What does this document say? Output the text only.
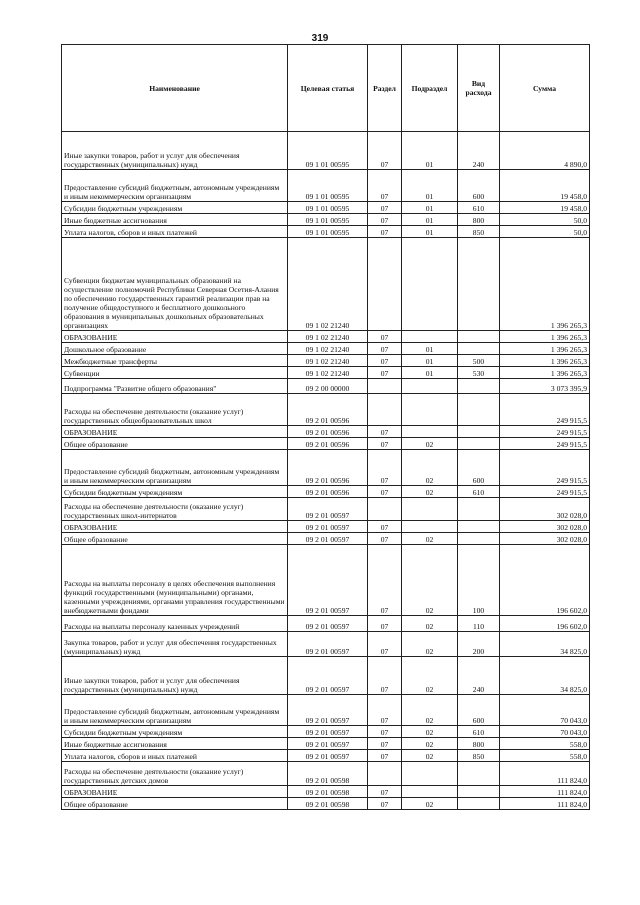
319
Наименование	Целевая статья	Раздел	Подраздел	Вид расхода	Сумма
Иные закупки товаров, работ и услуг для обеспечения государственных (муниципальных) нужд	09 1 01 00595	07	01	240	4 890,0
Предоставление субсидий бюджетным, автономным учреждениям и иным некоммерческим организациям	09 1 01 00595	07	01	600	19 458,0
Субсидии бюджетным учреждениям	09 1 01 00595	07	01	610	19 458,0
Иные бюджетные ассигнования	09 1 01 00595	07	01	800	50,0
Уплата налогов, сборов и иных платежей	09 1 01 00595	07	01	850	50,0
Субвенции бюджетам муниципальных образований на осуществление полномочий Республики Северная Осетия-Алания по обеспечению государственных гарантий реализации прав на получение общедоступного и бесплатного дошкольного образования в муниципальных дошкольных образовательных организациях	09 1 02 21240				1 396 265,3
ОБРАЗОВАНИЕ	09 1 02 21240	07			1 396 265,3
Дошкольное образование	09 1 02 21240	07	01		1 396 265,3
Межбюджетные трансферты	09 1 02 21240	07	01	500	1 396 265,3
Субвенции	09 1 02 21240	07	01	530	1 396 265,3
Подпрограмма "Развитие общего образования"	09 2 00 00000				3 073 395,9
Расходы на обеспечение деятельности (оказание услуг) государственных общеобразовательных школ	09 2 01 00596				249 915,5
ОБРАЗОВАНИЕ	09 2 01 00596	07			249 915,5
Общее образование	09 2 01 00596	07	02		249 915,5
Предоставление субсидий бюджетным, автономным учреждениям и иным некоммерческим организациям	09 2 01 00596	07	02	600	249 915,5
Субсидии бюджетным учреждениям	09 2 01 00596	07	02	610	249 915,5
Расходы на обеспечение деятельности (оказание услуг) государственных школ-интернатов	09 2 01 00597				302 028,0
ОБРАЗОВАНИЕ	09 2 01 00597	07			302 028,0
Общее образование	09 2 01 00597	07	02		302 028,0
Расходы на выплаты персоналу в целях обеспечения выполнения функций государственными (муниципальными) органами, казенными учреждениями, органами управления государственными внебюджетными фондами	09 2 01 00597	07	02	100	196 602,0
Расходы на выплаты персоналу казенных учреждений	09 2 01 00597	07	02	110	196 602,0
Закупка товаров, работ и услуг для обеспечения государственных (муниципальных) нужд	09 2 01 00597	07	02	200	34 825,0
Иные закупки товаров, работ и услуг для обеспечения государственных (муниципальных) нужд	09 2 01 00597	07	02	240	34 825,0
Предоставление субсидий бюджетным, автономным учреждениям и иным некоммерческим организациям	09 2 01 00597	07	02	600	70 043,0
Субсидии бюджетным учреждениям	09 2 01 00597	07	02	610	70 043,0
Иные бюджетные ассигнования	09 2 01 00597	07	02	800	558,0
Уплата налогов, сборов и иных платежей	09 2 01 00597	07	02	850	558,0
Расходы на обеспечение деятельности (оказание услуг) государственных детских домов	09 2 01 00598				111 824,0
ОБРАЗОВАНИЕ	09 2 01 00598	07			111 824,0
Общее образование	09 2 01 00598	07	02		111 824,0
